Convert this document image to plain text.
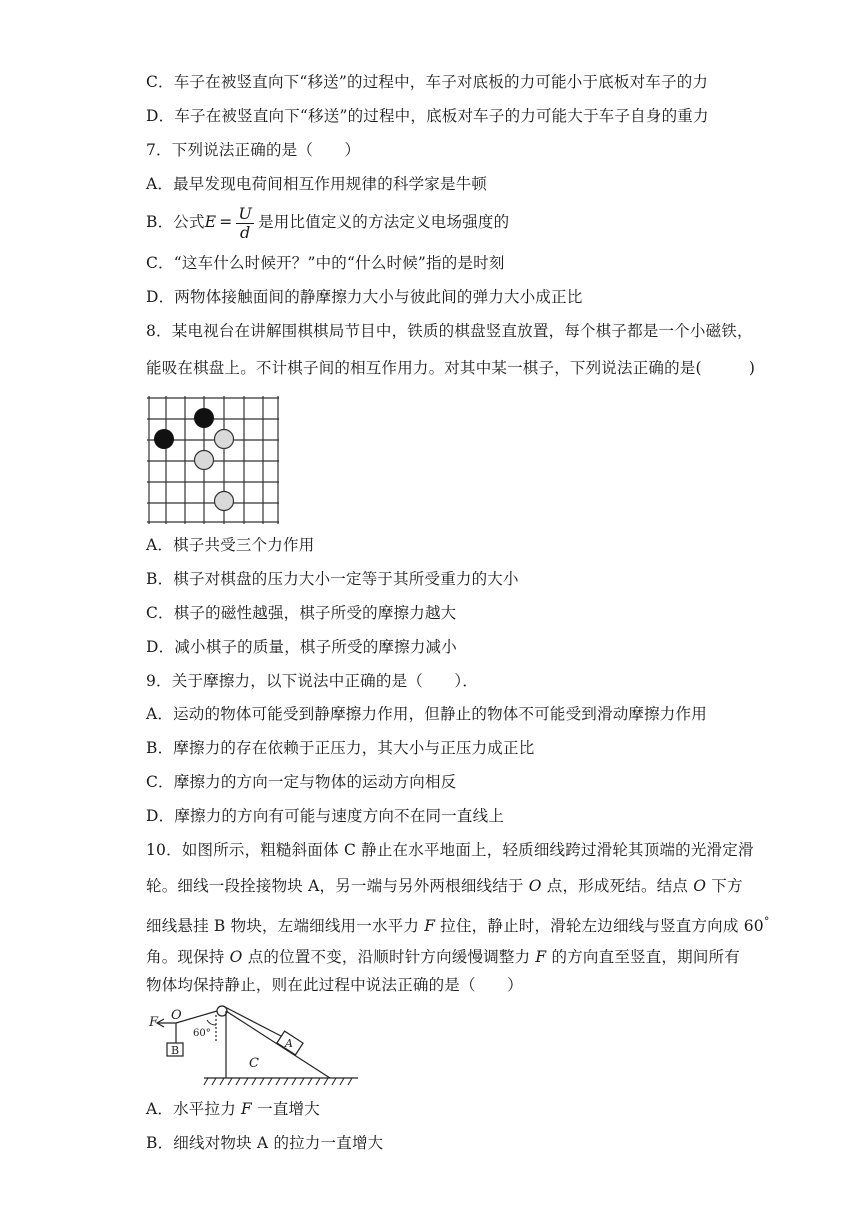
C．车子在被竖直向下“移送”的过程中，车子对底板的力可能小于底板对车子的力
D．车子在被竖直向下“移送”的过程中，底板对车子的力可能大于车子自身的重力
7．下列说法正确的是（　　）
A．最早发现电荷间相互作用规律的科学家是牛顿
B．公式$E = \frac{U}{d}$ 是用比值定义的方法定义电场强度的
C．“这车什么时候开？”中的“什么时候”指的是时刻
D．两物体接触面间的静摩擦力大小与彼此间的弹力大小成正比
8．某电视台在讲解围棋棋局节目中，铁质的棋盘竖直放置，每个棋子都是一个小磁铁，
能吸在棋盘上。不计棋子间的相互作用力。对其中某一棋子，下列说法正确的是(　　　)
A．棋子共受三个力作用
B．棋子对棋盘的压力大小一定等于其所受重力的大小
C．棋子的磁性越强，棋子所受的摩擦力越大
D．减小棋子的质量，棋子所受的摩擦力减小
9．关于摩擦力，以下说法中正确的是（　　）．
A．运动的物体可能受到静摩擦力作用，但静止的物体不可能受到滑动摩擦力作用
B．摩擦力的存在依赖于正压力，其大小与正压力成正比
C．摩擦力的方向一定与物体的运动方向相反
D．摩擦力的方向有可能与速度方向不在同一直线上
10．如图所示，粗糙斜面体 C 静止在水平地面上，轻质细线跨过滑轮其顶端的光滑定滑
轮。细线一段拴接物块 A，另一端与另外两根细线结于 O 点，形成死结。结点 O 下方
细线悬挂 B 物块，左端细线用一水平力 F 拉住，静止时，滑轮左边细线与竖直方向成 60°
角。现保持 O 点的位置不变，沿顺时针方向缓慢调整力 F 的方向直至竖直，期间所有
物体均保持静止，则在此过程中说法正确的是（　　）
F O
60°
B
A
C
A．水平拉力 F 一直增大
B．细线对物块 A 的拉力一直增大
